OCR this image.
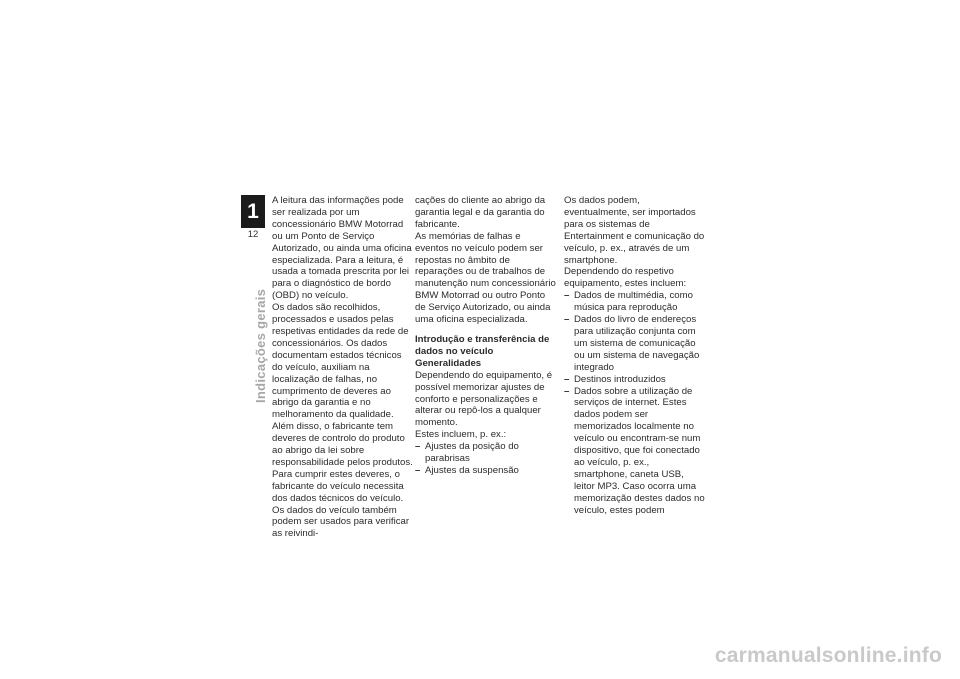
1
12
Indicações gerais

A leitura das informações pode ser realizada por um concessionário BMW Motorrad ou um Ponto de Serviço Autorizado, ou ainda uma oficina especializada. Para a leitura, é usada a tomada prescrita por lei para o diagnóstico de bordo (OBD) no veículo.

Os dados são recolhidos, processados e usados pelas respetivas entidades da rede de concessionários. Os dados documentam estados técnicos do veículo, auxiliam na localização de falhas, no cumprimento de deveres ao abrigo da garantia e no melhoramento da qualidade.

Além disso, o fabricante tem deveres de controlo do produto ao abrigo da lei sobre responsabilidade pelos produtos. Para cumprir estes deveres, o fabricante do veículo necessita dos dados técnicos do veículo. Os dados do veículo também podem ser usados para verificar as reivindi-

cações do cliente ao abrigo da garantia legal e da garantia do fabricante.

As memórias de falhas e eventos no veículo podem ser repostas no âmbito de reparações ou de trabalhos de manutenção num concessionário BMW Motorrad ou outro Ponto de Serviço Autorizado, ou ainda uma oficina especializada.

Introdução e transferência de dados no veículo

Generalidades

Dependendo do equipamento, é possível memorizar ajustes de conforto e personalizações e alterar ou repô-los a qualquer momento.

Estes incluem, p. ex.:

– Ajustes da posição do parabrisas
– Ajustes da suspensão

Os dados podem, eventualmente, ser importados para os sistemas de Entertainment e comunicação do veículo, p. ex., através de um smartphone.

Dependendo do respetivo equipamento, estes incluem:

– Dados de multimédia, como música para reprodução
– Dados do livro de endereços para utilização conjunta com um sistema de comunicação ou um sistema de navegação integrado
– Destinos introduzidos
– Dados sobre a utilização de serviços de internet. Estes dados podem ser memorizados localmente no veículo ou encontram-se num dispositivo, que foi conectado ao veículo, p. ex., smartphone, caneta USB, leitor MP3. Caso ocorra uma memorização destes dados no veículo, estes podem
carmanualsonline.info
